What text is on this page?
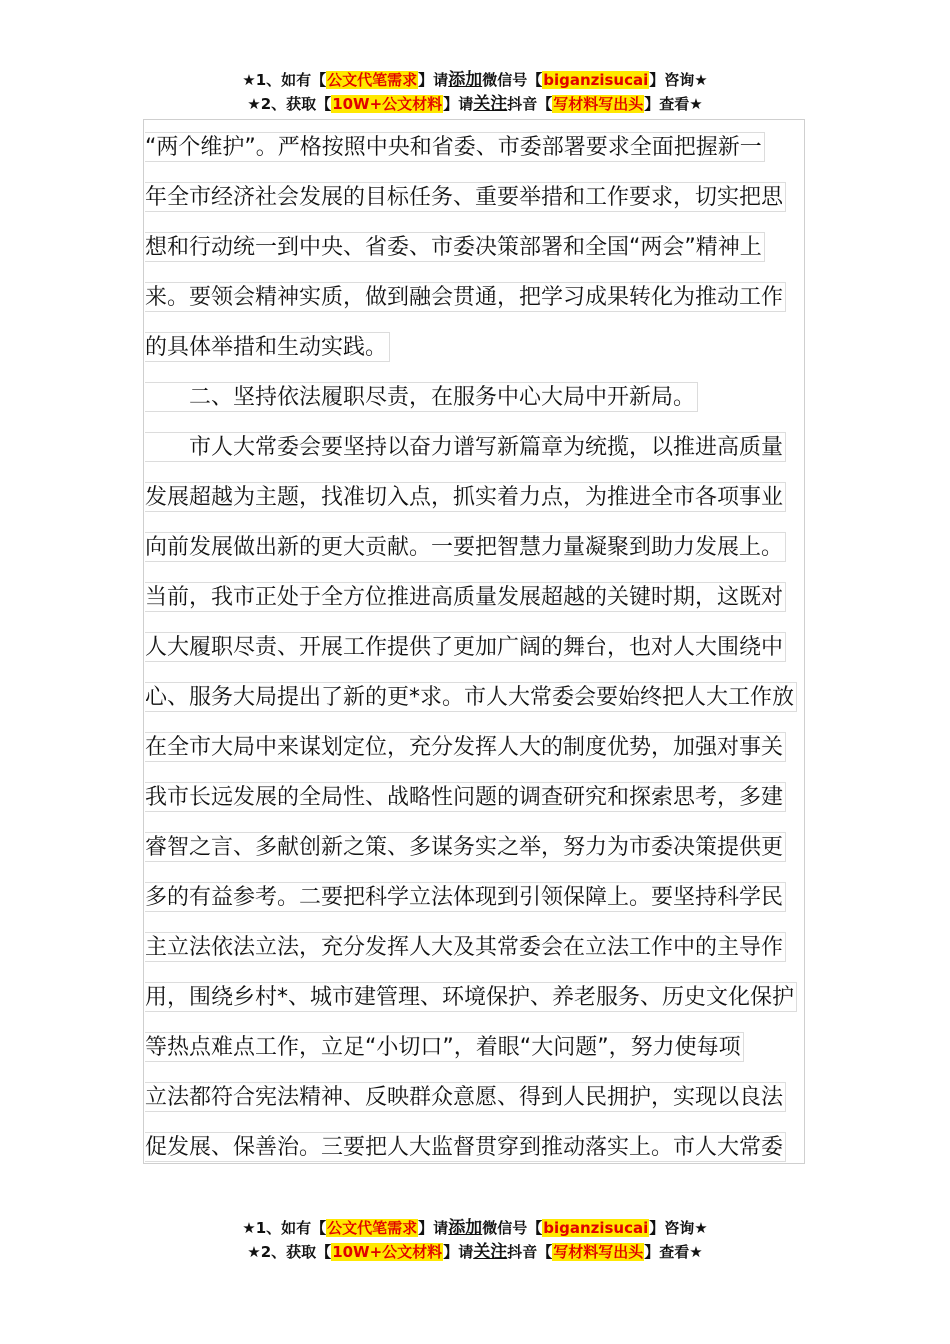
★1、如有【公文代笔需求】请添加微信号【biganzisucai】咨询★
★2、获取【10W+公文材料】请关注抖音【写材料写出头】查看★
“两个维护”。严格按照中央和省委、市委部署要求全面把握新一
年全市经济社会发展的目标任务、重要举措和工作要求，切实把思
想和行动统一到中央、省委、市委决策部署和全国“两会”精神上
来。要领会精神实质，做到融会贯通，把学习成果转化为推动工作
的具体举措和生动实践。
二、坚持依法履职尽责，在服务中心大局中开新局。
市人大常委会要坚持以奋力谱写新篇章为统揽，以推进高质量
发展超越为主题，找准切入点，抓实着力点，为推进全市各项事业
向前发展做出新的更大贡献。一要把智慧力量凝聚到助力发展上。
当前，我市正处于全方位推进高质量发展超越的关键时期，这既对
人大履职尽责、开展工作提供了更加广阔的舞台，也对人大围绕中
心、服务大局提出了新的更*求。市人大常委会要始终把人大工作放
在全市大局中来谋划定位，充分发挥人大的制度优势，加强对事关
我市长远发展的全局性、战略性问题的调查研究和探索思考，多建
睿智之言、多献创新之策、多谋务实之举，努力为市委决策提供更
多的有益参考。二要把科学立法体现到引领保障上。要坚持科学民
主立法依法立法，充分发挥人大及其常委会在立法工作中的主导作
用，围绕乡村*、城市建管理、环境保护、养老服务、历史文化保护
等热点难点工作，立足“小切口”，着眼“大问题”，努力使每项
立法都符合宪法精神、反映群众意愿、得到人民拥护，实现以良法
促发展、保善治。三要把人大监督贯穿到推动落实上。市人大常委
★1、如有【公文代笔需求】请添加微信号【biganzisucai】咨询★
★2、获取【10W+公文材料】请关注抖音【写材料写出头】查看★
